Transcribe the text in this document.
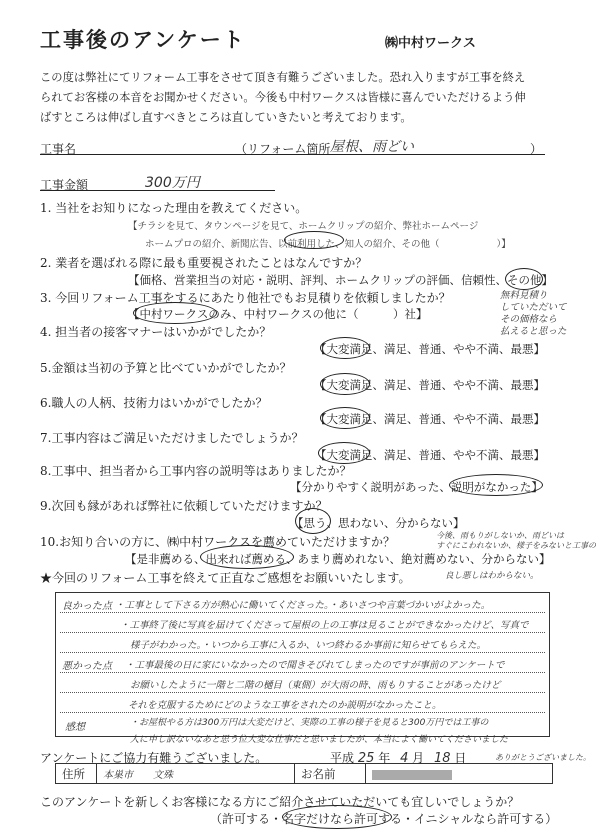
工事後のアンケート	㈱中村ワークス
この度は弊社にてリフォーム工事をさせて頂き有難うございました。恐れ入りますが工事を終え
られてお客様の本音をお聞かせください。今後も中村ワークスは皆様に喜んでいただけるよう伸
ばすところは伸ばし直すべきところは直していきたいと考えております。
工事名	（リフォーム箇所 屋根、雨どい	）
工事金額	300万円
1. 当社をお知りになった理由を教えてください。
【チラシを見て、タウンページを見て、ホームクリップの紹介、弊社ホームページ
ホームプロの紹介、新聞広告、以前利用した、知人の紹介、その他（　　　　　　）】
2. 業者を選ばれる際に最も重要視されたことはなんですか？
【価格、営業担当の対応・説明、評判、ホームクリップの評価、信頼性、その他】
3. 今回リフォーム工事をするにあたり他社でもお見積りを依頼しましたか？
【中村ワークスのみ、中村ワークスの他に（　　　）社】
無料見積り
していただいて
その価格なら
払えると思った
4. 担当者の接客マナーはいかがでしたか？
【大変満足、満足、普通、やや不満、最悪】
5.金額は当初の予算と比べていかがでしたか？
【大変満足、満足、普通、やや不満、最悪】
6.職人の人柄、技術力はいかがでしたか？
【大変満足、満足、普通、やや不満、最悪】
7.工事内容はご満足いただけましたでしょうか？
【大変満足、満足、普通、やや不満、最悪】
8.工事中、担当者から工事内容の説明等はありましたか？
【分かりやすく説明があった、説明がなかった】
9.次回も縁があれば弊社に依頼していただけますか？
【思う、思わない、分からない】
10.お知り合いの方に、㈱中村ワークスを薦めていただけますか？
【是非薦める、出来れば薦める、あまり薦めれない、絶対薦めない、分からない】
今後、雨もりがしないか、雨どいは
すぐにこわれないか、様子をみないと工事の
良し悪しはわからない。
★今回のリフォーム工事を終えて正直なご感想をお願いいたします。
良かった点 ・工事として下さる方が熱心に働いてくださった。・あいさつや言葉づかいがよかった。
・工事終了後に写真を届けてくださって屋根の上の工事は見ることができなかったけど、写真で
様子がわかった。・いつから工事に入るか、いつ終わるか事前に知らせてもらえた。
悪かった点 ・工事最後の日に家にいなかったので聞きそびれてしまったのですが事前のアンケートで
お願いしたように一階と二階の樋目（東側）が大雨の時、雨もりすることがあったけど
それを克服するためにどのような工事をされたのか説明がなかったこと。
感想	・お屋根やる方は300万円は大変だけど、実際の工事の様子を見ると300万円では工事の
人に申し訳ないなあと思う位大変な仕事だと思いましたが、本当によく働いてくださいました
ありがとうございました。
アンケートにご協力有難うございました。	平成 25 年 4 月 18 日
住所	本巣市　　文殊	お名前	
このアンケートを新しくお客様になる方にご紹介させていただいても宜しいでしょうか？
（許可する・名字だけなら許可する・イニシャルなら許可する）
